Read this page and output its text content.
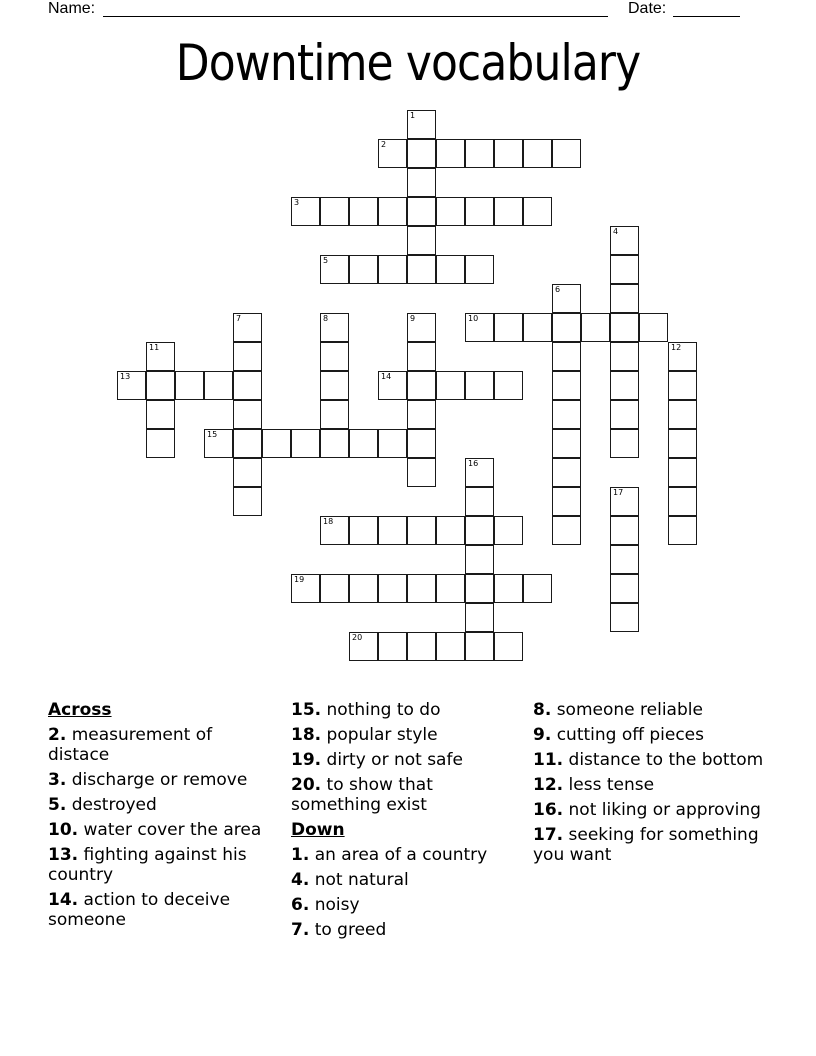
Name:	Date:
Downtime vocabulary
1
2
3
4
5
6
7	8	9	10
11	12
13	14
15
16
17
18
19
20
Across
2. measurement of distace
3. discharge or remove
5. destroyed
10. water cover the area
13. fighting against his country
14. action to deceive someone
15. nothing to do
18. popular style
19. dirty or not safe
20. to show that something exist
Down
1. an area of a country
4. not natural
6. noisy
7. to greed
8. someone reliable
9. cutting off pieces
11. distance to the bottom
12. less tense
16. not liking or approving
17. seeking for something you want
